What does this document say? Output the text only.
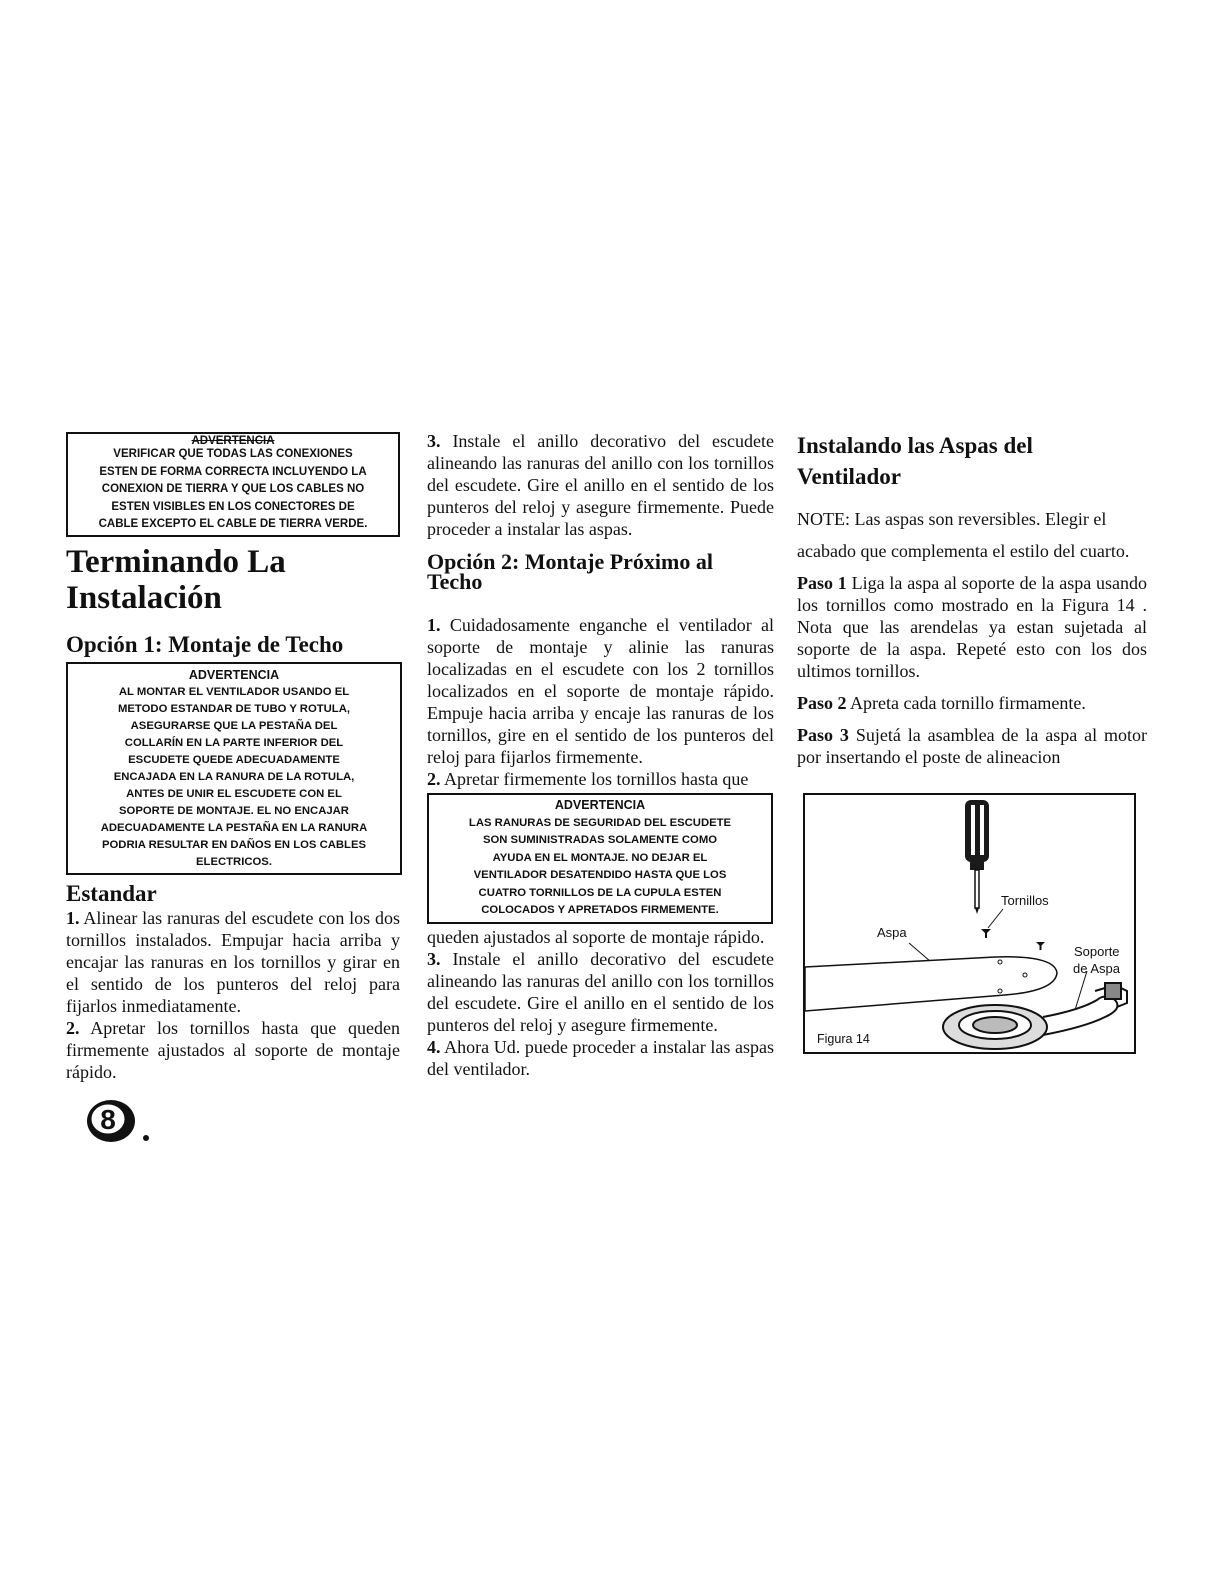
ADVERTENCIA
VERIFICAR QUE TODAS LAS CONEXIONES
ESTEN DE FORMA CORRECTA INCLUYENDO LA
CONEXION DE TIERRA Y QUE LOS CABLES NO
ESTEN VISIBLES EN LOS CONECTORES DE
CABLE EXCEPTO EL CABLE DE TIERRA VERDE.
Terminando La
Instalación
Opción 1: Montaje de Techo
ADVERTENCIA
AL MONTAR EL VENTILADOR USANDO EL
METODO ESTANDAR DE TUBO Y ROTULA,
ASEGURARSE QUE LA PESTAÑA DEL
COLLARÍN EN LA PARTE INFERIOR DEL
ESCUDETE QUEDE ADECUADAMENTE
ENCAJADA EN LA RANURA DE LA ROTULA,
ANTES DE UNIR EL ESCUDETE CON EL
SOPORTE DE MONTAJE. EL NO ENCAJAR
ADECUADAMENTE LA PESTAÑA EN LA RANURA
PODRIA RESULTAR EN DAÑOS EN LOS CABLES
ELECTRICOS.
Estandar

1. Alinear las ranuras del escudete con los dos tornillos instalados. Empujar hacia arriba y encajar las ranuras en los tornillos y girar en el sentido de los punteros del reloj para fijarlos inmediatamente.

2. Apretar los tornillos hasta que queden firmemente ajustados al soporte de montaje rápido.

8

3. Instale el anillo decorativo del escudete alineando las ranuras del anillo con los tornillos del escudete. Gire el anillo en el sentido de los punteros del reloj y asegure firmemente. Puede proceder a instalar las aspas.

Opción 2: Montaje Próximo al
Techo

1. Cuidadosamente enganche el ventilador al soporte de montaje y alinie las ranuras localizadas en el escudete con los 2 tornillos localizados en el soporte de montaje rápido. Empuje hacia arriba y encaje las ranuras de los tornillos, gire en el sentido de los punteros del reloj para fijarlos firmemente.

2. Apretar firmemente los tornillos hasta que

ADVERTENCIA
LAS RANURAS DE SEGURIDAD DEL ESCUDETE
SON SUMINISTRADAS SOLAMENTE COMO
AYUDA EN EL MONTAJE. NO DEJAR EL
VENTILADOR DESATENDIDO HASTA QUE LOS
CUATRO TORNILLOS DE LA CUPULA ESTEN
COLOCADOS Y APRETADOS FIRMEMENTE.

queden ajustados al soporte de montaje rápido.

3. Instale el anillo decorativo del escudete alineando las ranuras del anillo con los tornillos del escudete. Gire el anillo en el sentido de los punteros del reloj y asegure firmemente.

4. Ahora Ud. puede proceder a instalar las aspas del ventilador.

Instalando las Aspas del
Ventilador

NOTE: Las aspas son reversibles. Elegir el

acabado que complementa el estilo del cuarto.

Paso 1 Liga la aspa al soporte de la aspa usando los tornillos como mostrado en la Figura 14 . Nota que las arendelas ya estan sujetada al soporte de la aspa. Repeté esto con los dos ultimos tornillos.

Paso 2 Apreta cada tornillo firmamente.

Paso 3 Sujetá la asamblea de la aspa al motor por insertando el poste de alineacion

Tornillos
Aspa
Soporte
de Aspa
Figura 14
